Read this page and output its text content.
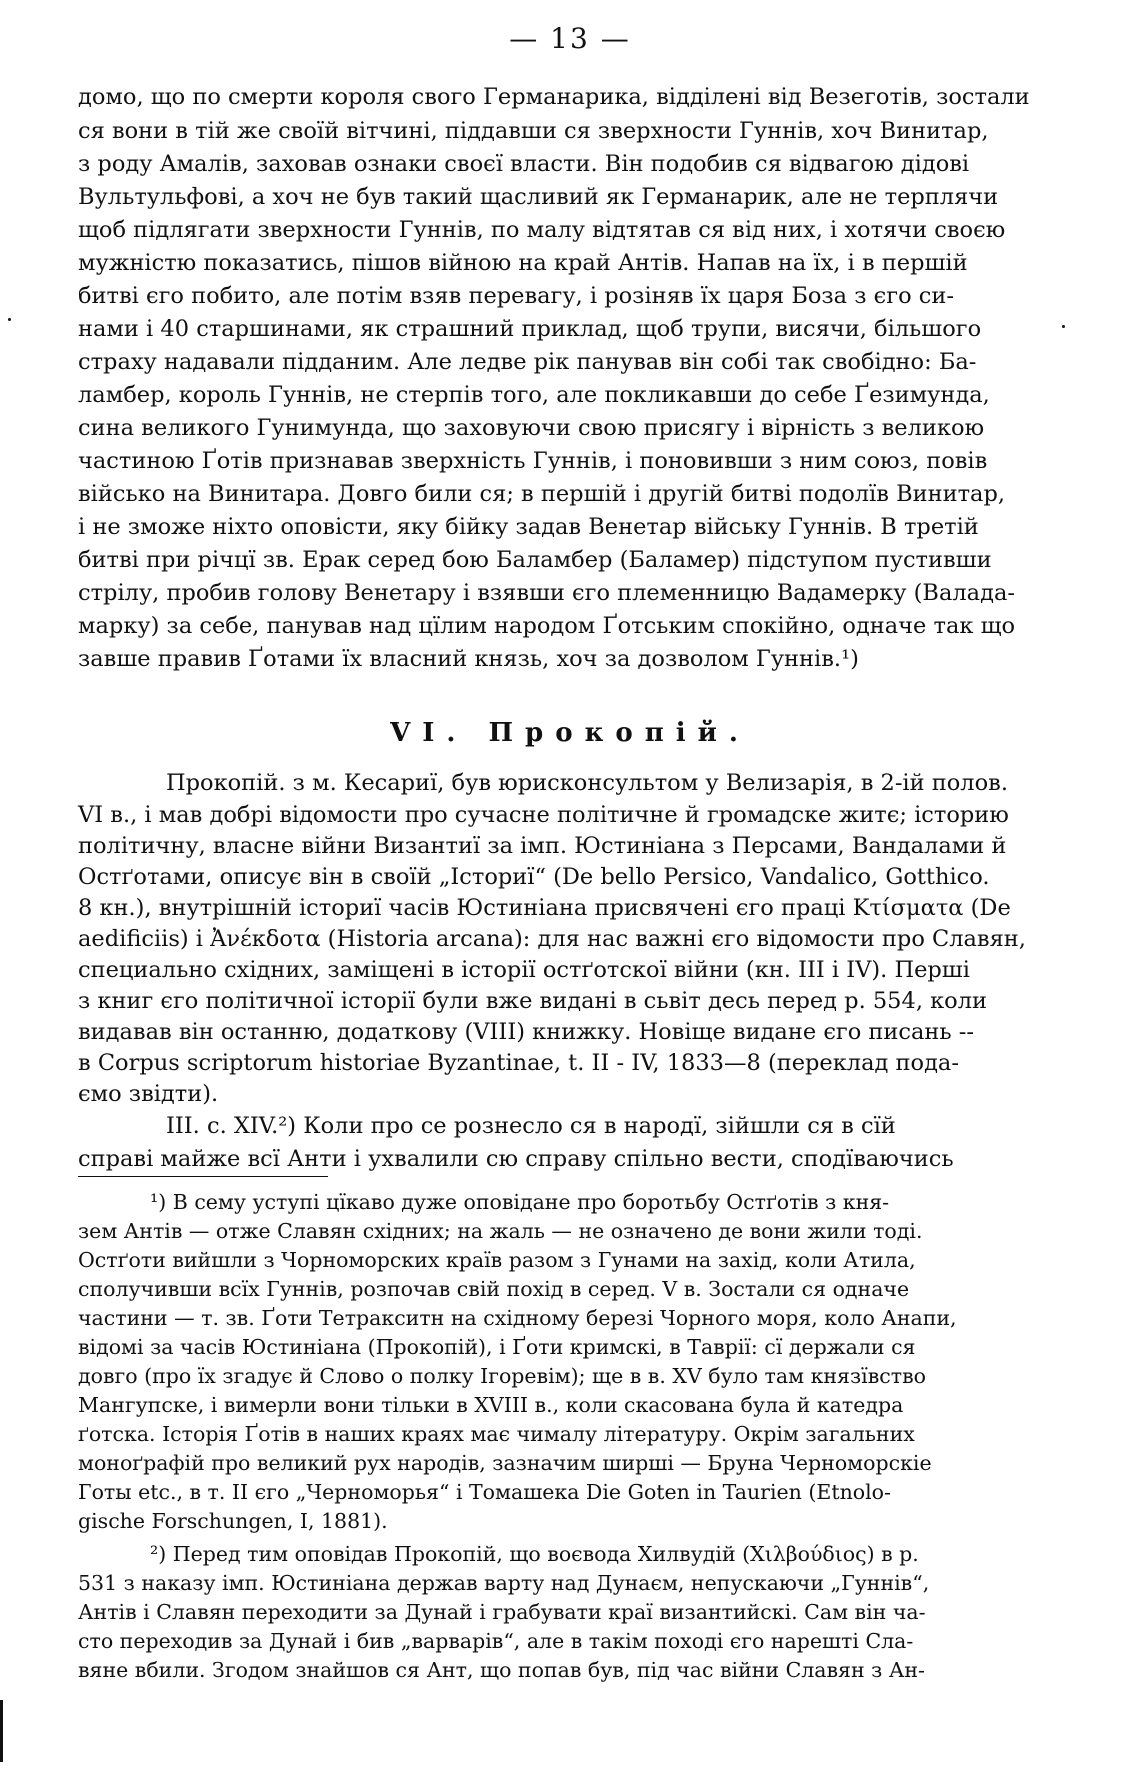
— 13 —
домо, що по смерти короля свого Германарика, відділені від Везеготів, зостали
ся вони в тій же своїй вітчині, піддавши ся зверхности Гуннів, хоч Винитар,
з роду Амалів, заховав ознаки своєї власти. Він подобив ся відвагою дідові
Вультульфові, а хоч не був такий щасливий як Германарик, але не терплячи
щоб підлягати зверхности Гуннів, по малу відтятав ся від них, і хотячи своєю
мужністю показатись, пішов війною на край Антів. Напав на їх, і в першій
битві єго побито, але потім взяв перевагу, і розіняв їх царя Боза з єго си-
нами і 40 старшинами, як страшний приклад, щоб трупи, висячи, більшого
страху надавали підданим. Але ледве рік панував він собі так свобідно: Ба-
ламбер, король Гуннів, не стерпів того, але покликавши до себе Ґезимунда,
сина великого Гунимунда, що заховуючи свою присягу і вірність з великою
частиною Ґотів признавав зверхність Гуннів, і поновивши з ним союз, повів
військо на Винитара. Довго били ся; в першій і другій битві подолїв Винитар,
і не зможе ніхто оповісти, яку бійку задав Венетар війську Гуннів. В третій
битві при річцї зв. Ерак серед бою Баламбер (Баламер) підступом пустивши
стрілу, пробив голову Венетару і взявши єго племенницю Вадамерку (Валада-
марку) за себе, панував над цїлим народом Ґотським спокійно, одначе так що
завше правив Ґотами їх власний князь, хоч за дозволом Гуннів.¹)
VI. Прокопій.
Прокопій. з м. Кесариї, був юрисконсультом у Велизарія, в 2-ій полов.
VI в., і мав добрі відомости про сучасне політичне й громадске житє; історию
політичну, власне війни Византиї за імп. Юстиніана з Персами, Вандалами й
Остґотами, описує він в своїй „Істориї“ (De bello Persico, Vandalico, Gotthico.
8 кн.), внутрішній істориї часів Юстиніана присвячені єго праці Κτίσματα (De
aedificiis) і Ἀνέκδοτα (Historia arcana): для нас важні єго відомости про Славян,
специально східних, заміщені в історії остґотскої війни (кн. III і IV). Перші
з книг єго політичної історії були вже видані в сьвіт десь перед р. 554, коли
видавав він останню, додаткову (VIII) книжку. Новіще видане єго писань --
в Corpus scriptorum historiae Byzantinae, t. II - IV, 1833—8 (переклад пода-
ємо звідти).
III. c. XIV.²) Коли про се рознесло ся в народї, зійшли ся в сїй
справі майже всї Анти і ухвалили сю справу спільно вести, сподїваючись
¹) В сему уступі цїкаво дуже оповідане про боротьбу Остґотів з кня-
зем Антів — отже Славян східних; на жаль — не означено де вони жили тоді.
Остґоти вийшли з Чорноморских країв разом з Гунами на захід, коли Атила,
сполучивши всїх Гуннів, розпочав свій похід в серед. V в. Зостали ся одначе
частини — т. зв. Ґоти Тетракситн на східному березі Чорного моря, коло Анапи,
відомі за часів Юстиніана (Прокопій), і Ґоти кримскі, в Таврії: сї держали ся
довго (про їх згадує й Слово о полку Ігоревім); ще в в. XV було там князївство
Мангупске, і вимерли вони тільки в XVIII в., коли скасована була й катедра
ґотска. Історія Ґотів в наших краях має чималу літературу. Окрім загальних
моноґрафій про великий рух народів, зазначим ширші — Бруна Черноморскіе
Готы etc., в т. II єго „Черноморья“ і Томашека Die Goten in Taurien (Etnolo-
gische Forschungen, I, 1881).
²) Перед тим оповідав Прокопій, що воєвода Хилвудій (Χιλβούδιος) в р.
531 з наказу імп. Юстиніана держав варту над Дунаєм, непускаючи „Гуннів“,
Антів і Славян переходити за Дунай і грабувати краї византийскі. Сам він ча-
сто переходив за Дунай і бив „варварів“, але в такім поході єго нарешті Сла-
вяне вбили. Згодом знайшов ся Ант, що попав був, під час війни Славян з Ан-
